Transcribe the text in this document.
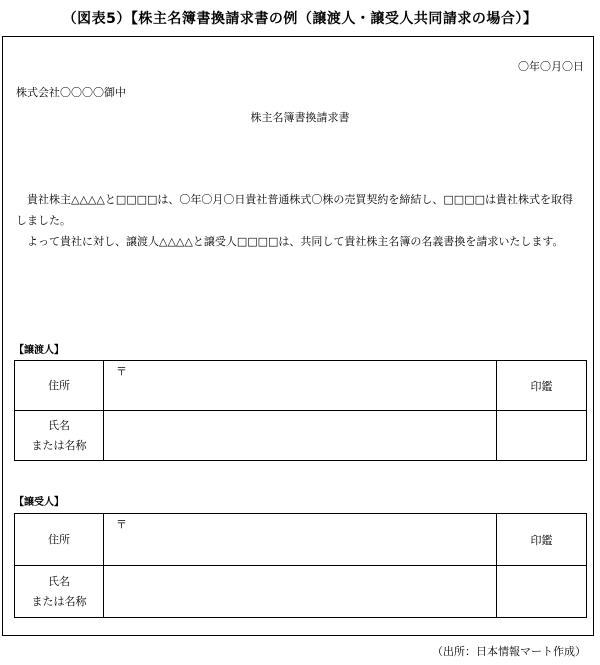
（図表5）【株主名簿書換請求書の例（譲渡人・譲受人共同請求の場合）】
〇年〇月〇日
株式会社〇〇〇〇御中
株主名簿書換請求書

貴社株主△△△△と□□□□は、〇年〇月〇日貴社普通株式〇株の売買契約を締結し、□□□□は貴社株式を取得しました。

よって貴社に対し、譲渡人△△△△と譲受人□□□□は、共同して貴社株主名簿の名義書換を請求いたします。

【譲渡人】
住所	〒	印鑑

氏名
または名称		

【譲受人】
住所	〒	印鑑

氏名
または名称		

（出所：日本情報マート作成）
